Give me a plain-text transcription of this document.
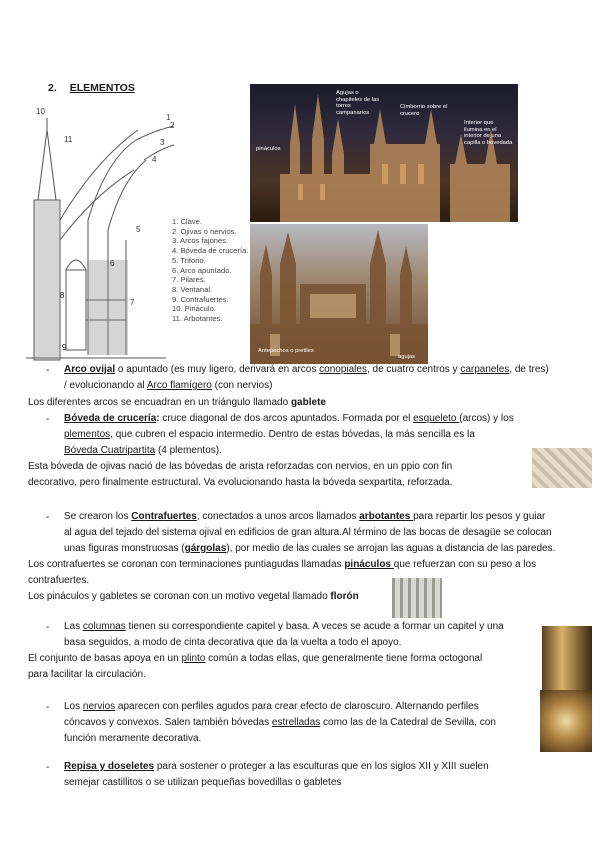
2. ELEMENTOS
10
11
1
2
3
4
5
6
7
8
9
1. Clave.
2. Ojivas o nervios.
3. Arcos fajones.
4. Bóveda de crucería.
5. Triforio.
6. Arco apuntado.
7. Pilares.
8. Ventanal.
9. Contrafuertes.
10. Pináculo.
11. Arbotantes.
Agujas o
chapiteles de las
torres
campanarios
Cimborrio sobre el
crucero
Interior que
ilumina en el
interior de una
capilla o bovedada
pináculos
Antepechos o pretiles
agujas
- Arco ovijal o apuntado (es muy ligero, derivará en arcos conopiales, de cuatro centros y carpaneles, de tres)
/ evolucionando al Arco flamígero (con nervios)
Los diferentes arcos se encuadran en un triángulo llamado gablete
- Bóveda de crucería: cruce diagonal de dos arcos apuntados. Formada por el esqueleto (arcos) y los
plementos, que cubren el espacio intermedio. Dentro de estas bóvedas, la más sencilla es la
Bóveda Cuatripartita (4 plementos).
Esta bóveda de ojivas nació de las bóvedas de arista reforzadas con nervios, en un ppio con fin
decorativo, pero finalmente estructural. Va evolucionando hasta la bóveda sexpartita, reforzada.
- Se crearon los Contrafuertes, conectados a unos arcos llamados arbotantes para repartir los pesos y guiar
al agua del tejado del sistema ojival en edificios de gran altura.Al término de las bocas de desagüe se colocan
unas figuras monstruosas (gárgolas), por medio de las cuales se arrojan las aguas a distancia de las paredes.
Los contrafuertes se coronan con terminaciones puntiagudas llamadas pináculos que refuerzan con su peso a los
contrafuertes.
Los pináculos y gabletes se coronan con un motivo vegetal llamado florón
- Las columnas tienen su correspondiente capitel y basa. A veces se acude a formar un capitel y una
basa seguidos, a modo de cinta decorativa que da la vuelta a todo el apoyo.
El conjunto de basas apoya en un plinto común a todas ellas, que generalmente tiene forma octogonal
para facilitar la circulación.
- Los nervios aparecen con perfiles agudos para crear efecto de claroscuro. Alternando perfiles
cóncavos y convexos. Salen también bóvedas estrelladas como las de la Catedral de Sevilla, con
función meramente decorativa.
- Repisa y doseletes para sostener o proteger a las esculturas que en los siglos XII y XIII suelen
semejar castillitos o se utilizan pequeñas bovedillas o gabletes
